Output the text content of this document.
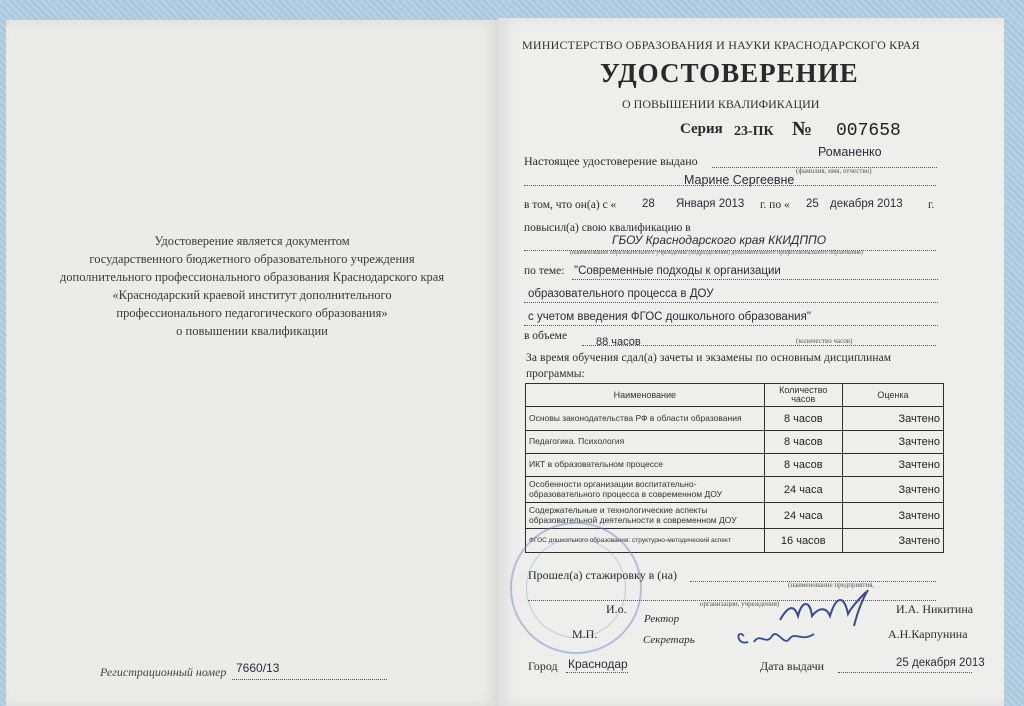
Удостоверение является документом
государственного бюджетного образовательного учреждения
дополнительного профессионального образования Краснодарского края
«Краснодарский краевой институт дополнительного
профессионального педагогического образования»
о повышении квалификации
Регистрационный номер 7660/13
МИНИСТЕРСТВО ОБРАЗОВАНИЯ И НАУКИ КРАСНОДАРСКОГО КРАЯ
УДОСТОВЕРЕНИЕ
О ПОВЫШЕНИИ КВАЛИФИКАЦИИ
Серия 23-ПК № 007658
Настоящее удостоверение выдано
Романенко
(фамилия, имя, отчество)
Марине Сергеевне
в том, что он(а) с « 28 Января 2013 г. по « 25 декабря 2013 г.
повысил(а) свою квалификацию в
ГБОУ Краснодарского края ККИДППО
(наименование образовательного учреждения (подразделения) дополнительного профессионального образования)
по теме: "Современные подходы к организации
образовательного процесса в ДОУ
с учетом введения ФГОС дошкольного образования"
в объеме	88 часов	(количество часов)
За время обучения сдал(а) зачеты и экзамены по основным дисциплинам
программы:
Наименование	Количество часов	Оценка
Основы законодательства РФ в области образования	8 часов	Зачтено
Педагогика. Психология	8 часов	Зачтено
ИКТ в образовательном процессе	8 часов	Зачтено
Особенности организации воспитательно-образовательного процесса в современном ДОУ	24 часа	Зачтено
Содержательные и технологические аспекты образовательной деятельности в современном ДОУ	24 часа	Зачтено
ФГОС дошкольного образования: структурно-методический аспект	16 часов	Зачтено
Прошел(а) стажировку в (на)
(наименование предприятия,
организации, учреждения)
И.о.
Ректор
И.А. Никитина
М.П.	Секретарь	А.Н.Карпунина
Город Краснодар	Дата выдачи	25 декабря 2013
